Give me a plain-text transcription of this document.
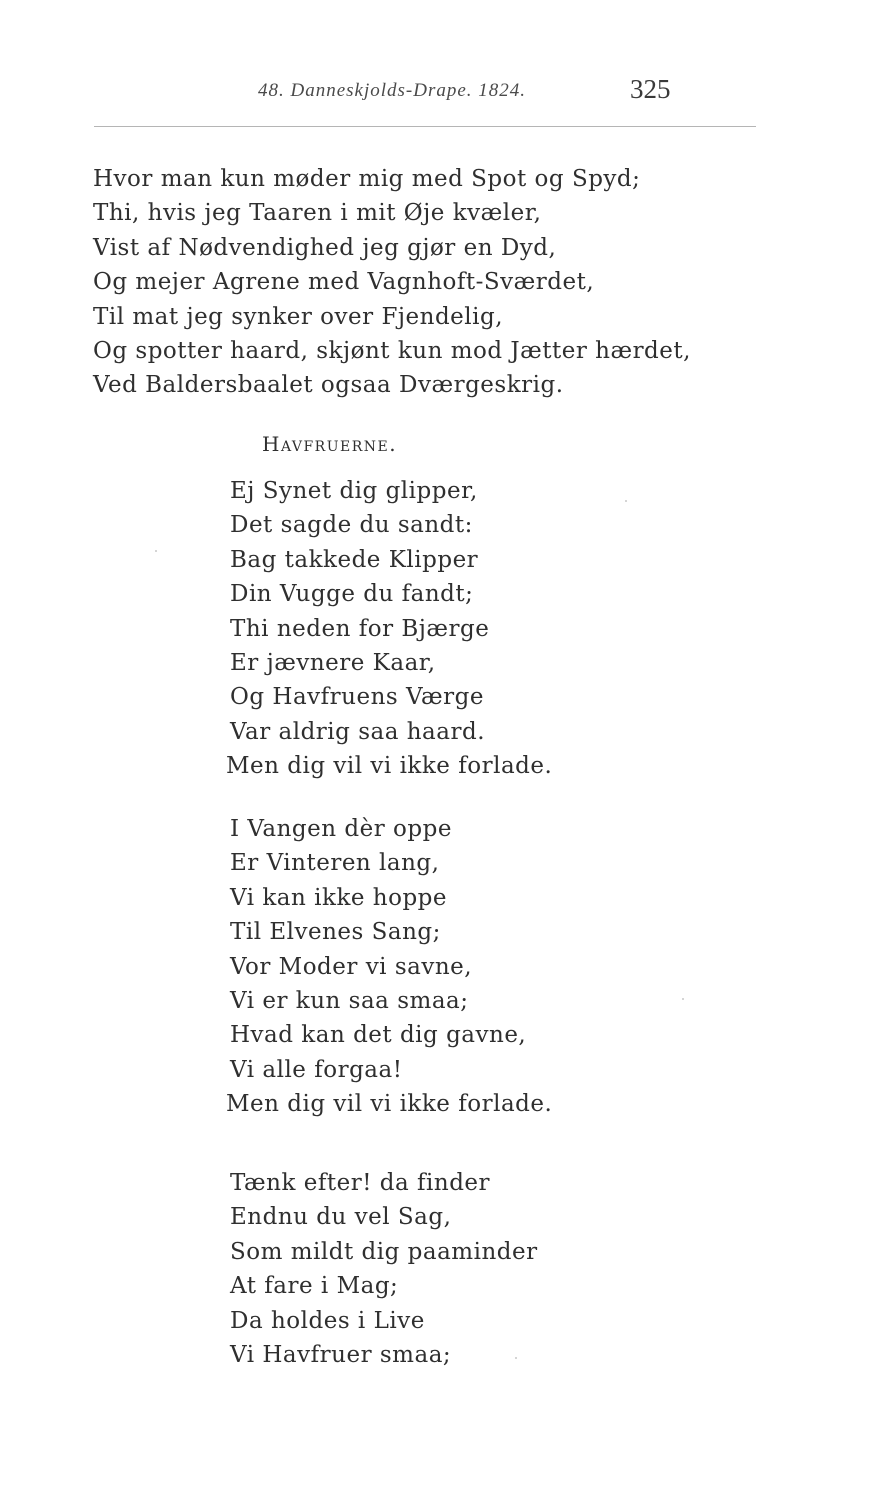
48. Danneskjolds-Drape. 1824.	325
Hvor man kun møder mig med Spot og Spyd;
Thi, hvis jeg Taaren i mit Øje kvæler,
Vist af Nødvendighed jeg gjør en Dyd,
Og mejer Agrene med Vagnhoft-Sværdet,
Til mat jeg synker over Fjendelig,
Og spotter haard, skjønt kun mod Jætter hærdet,
Ved Baldersbaalet ogsaa Dværgeskrig.
Havfruerne.
Ej Synet dig glipper,
Det sagde du sandt:
Bag takkede Klipper
Din Vugge du fandt;
Thi neden for Bjærge
Er jævnere Kaar,
Og Havfruens Værge
Var aldrig saa haard.
Men dig vil vi ikke forlade.
I Vangen dèr oppe
Er Vinteren lang,
Vi kan ikke hoppe
Til Elvenes Sang;
Vor Moder vi savne,
Vi er kun saa smaa;
Hvad kan det dig gavne,
Vi alle forgaa!
Men dig vil vi ikke forlade.
Tænk efter! da finder
Endnu du vel Sag,
Som mildt dig paaminder
At fare i Mag;
Da holdes i Live
Vi Havfruer smaa;
